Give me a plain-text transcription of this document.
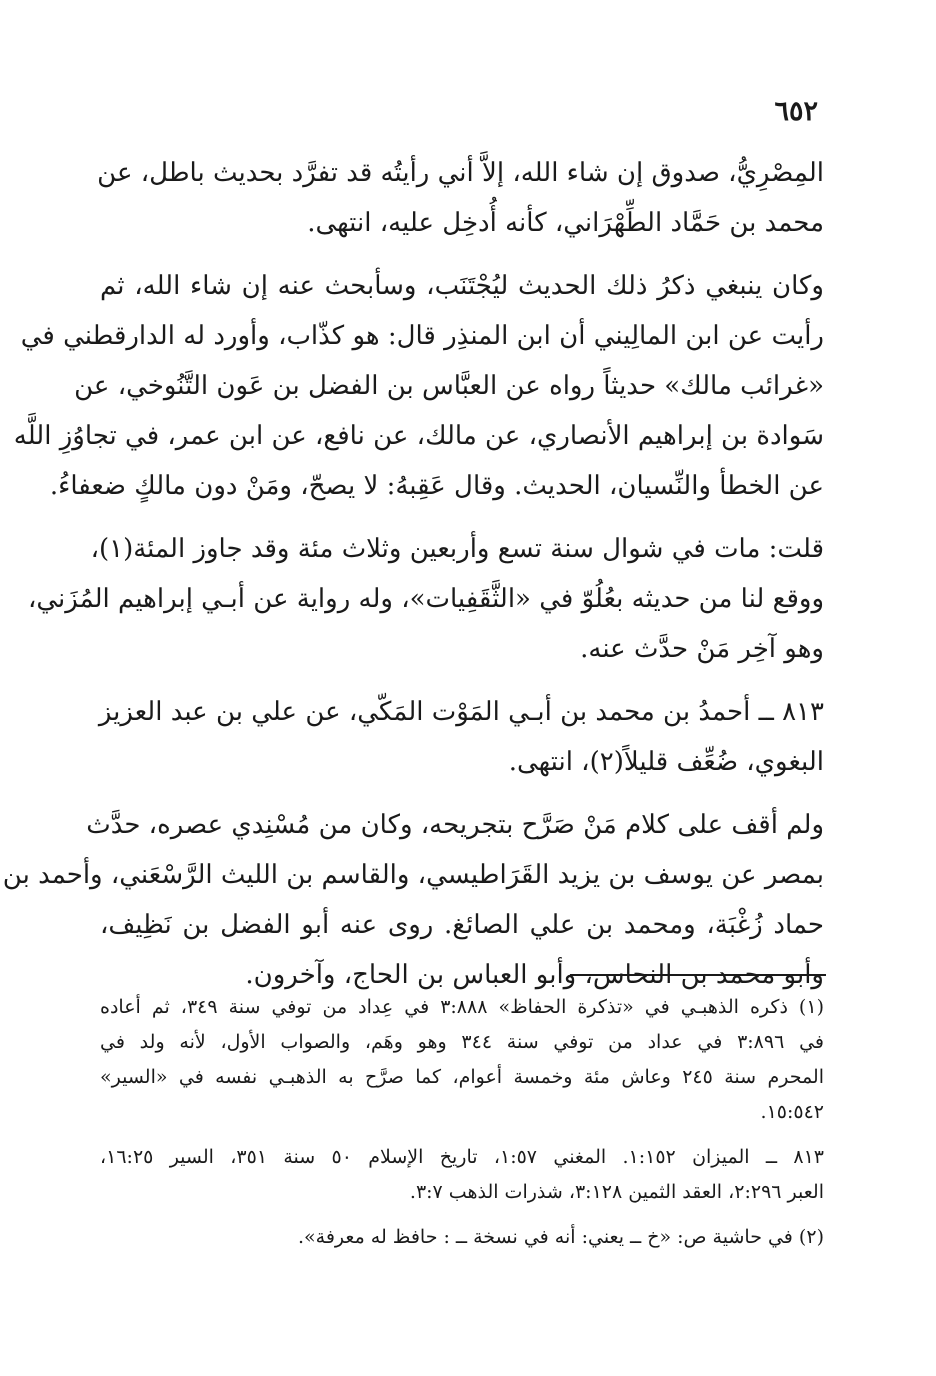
٦٥٢

المِصْرِيُّ، صدوق إن شاء الله، إلاَّ أني رأيتُه قد تفرَّد بحديث باطل، عن
محمد بن حَمَّاد الطِّهْرَاني، كأنه أُدخِل عليه، انتهى.

وكان ينبغي ذكرُ ذلك الحديث ليُجْتَنَب، وسأبحث عنه إن شاء الله، ثم
رأيت عن ابن المالِيني أن ابن المنذِر قال: هو كذّاب، وأورد له الدارقطني في
«غرائب مالك» حديثاً رواه عن العبَّاس بن الفضل بن عَون التَّنُوخي، عن
سَوادة بن إبراهيم الأنصاري، عن مالك، عن نافع، عن ابن عمر، في تجاوُزِ اللَّه
عن الخطأ والنِّسيان، الحديث. وقال عَقِبهُ: لا يصحّ، ومَنْ دون مالكٍ ضعفاءُ.

قلت: مات في شوال سنة تسع وأربعين وثلاث مئة وقد جاوز المئة(١)،
ووقع لنا من حديثه بعُلُوّ في «الثَّقَفِيات»، وله رواية عن أبـي إبراهيم المُزَني،
وهو آخِر مَنْ حدَّث عنه.

٨١٣ ــ أحمدُ بن محمد بن أبـي المَوْت المَكّي، عن علي بن عبد العزيز
البغوي، ضُعِّف قليلاً(٢)، انتهى.

ولم أقف على كلام مَنْ صَرَّح بتجريحه، وكان من مُسْنِدي عصره، حدَّث
بمصر عن يوسف بن يزيد القَرَاطيسي، والقاسم بن الليث الرَّسْعَني، وأحمد بن
حماد زُغْبَة، ومحمد بن علي الصائغ. روى عنه أبو الفضل بن نَظِيف،
وأبو محمد بن النحاس، وأبو العباس بن الحاج، وآخرون.

(١) ذكره الذهبـي في «تذكرة الحفاظ» ٣:٨٨٨ في عِداد من توفي سنة ٣٤٩، ثم أعاده
في ٣:٨٩٦ في عداد من توفي سنة ٣٤٤ وهو وهَم، والصواب الأول، لأنه ولد في
المحرم سنة ٢٤٥ وعاش مئة وخمسة أعوام، كما صرَّح به الذهبـي نفسه في «السير»
١٥:٥٤٢.
٨١٣ ــ الميزان ١:١٥٢. المغني ١:٥٧، تاريخ الإسلام ٥٠ سنة ٣٥١، السير ١٦:٢٥،
العبر ٢:٢٩٦، العقد الثمين ٣:١٢٨، شذرات الذهب ٣:٧.
(٢) في حاشية ص: «خ ــ يعني: أنه في نسخة ــ : حافظ له معرفة».
